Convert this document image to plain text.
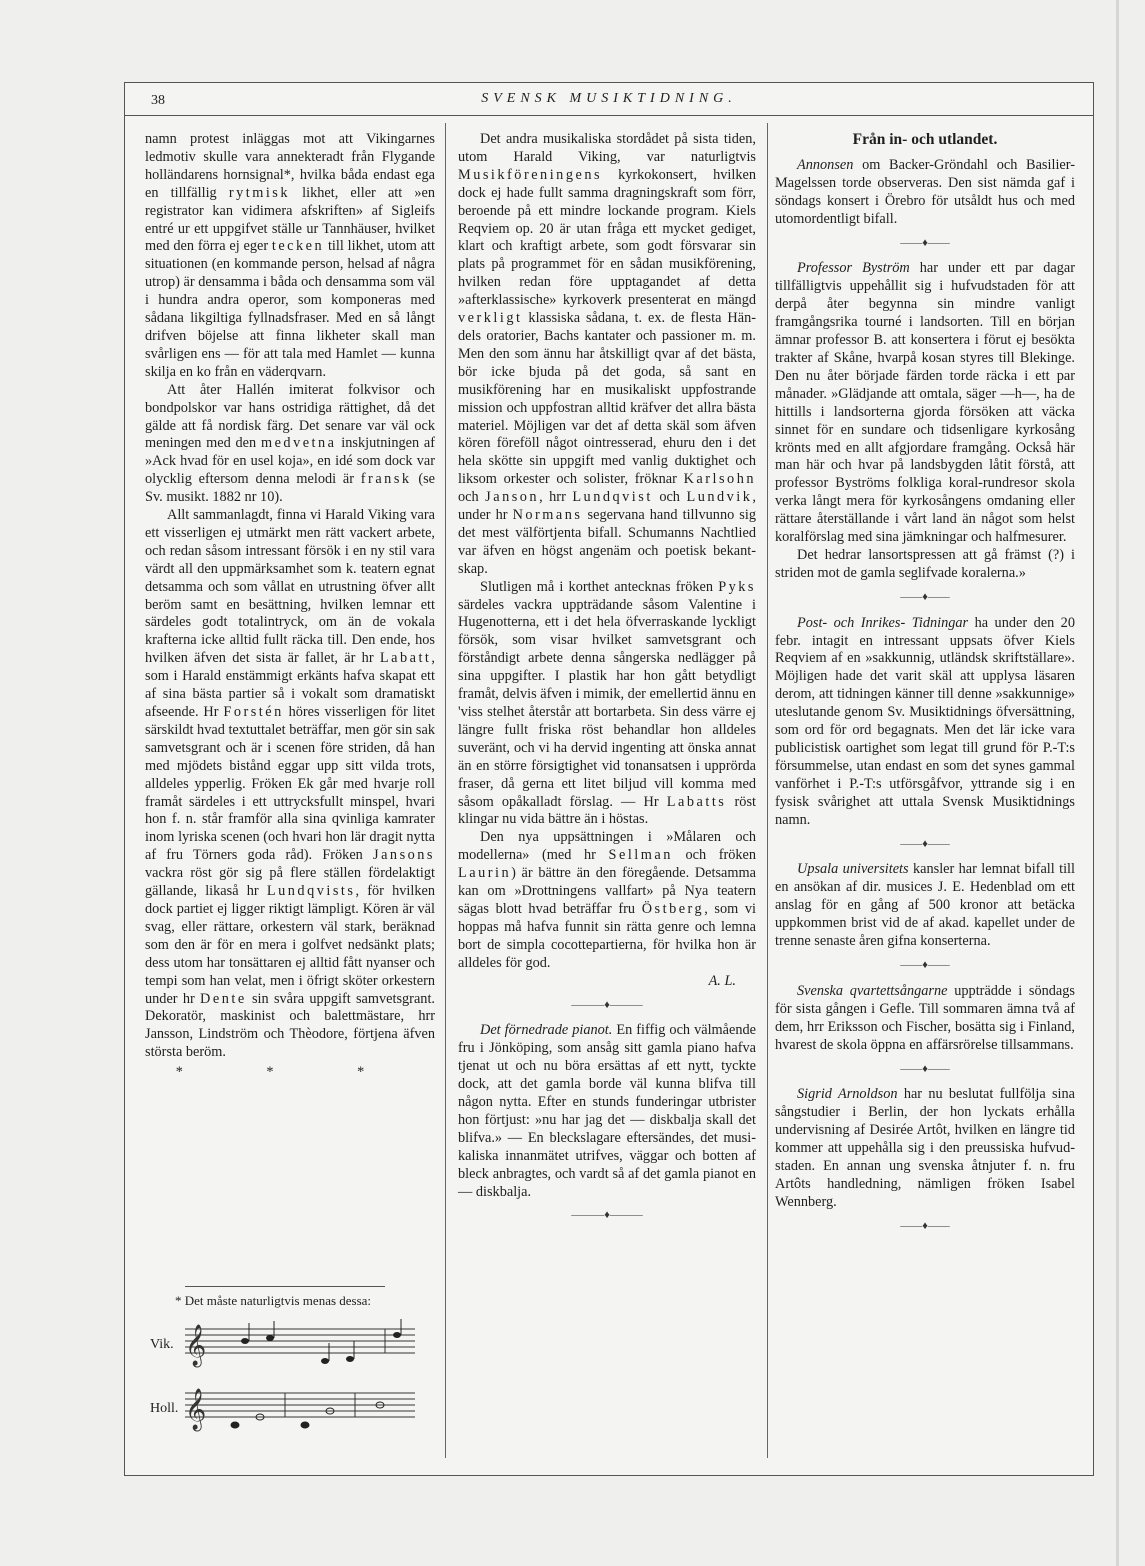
38	SVENSK MUSIKTIDNING.

namn protest inläggas mot att Vikingarnes ledmotiv skulle vara annekteradt från Flygande holländarens hornsignal*, hvilka båda endast ega en tillfällig rytmisk likhet, eller att »en registrator kan vidimera afskriften» af Sigleifs entré ur ett uppgifvet ställe ur Tannhäuser, hvilket med den förra ej eger tecken till likhet, utom att situationen (en kommande person, helsad af några utrop) är densamma i båda och densamma som väl i hundra andra operor, som komponeras med sådana likgiltiga fyllnadsfraser. Med en så långt drifven böjelse att finna likheter skall man svårligen ens — för att tala med Hamlet — kunna skilja en ko från en väderqvarn.

Att åter Hallén imiterat folkvisor och bondpolskor var hans ostridiga rättighet, då det gälde att få nordisk färg. Det senare var väl ock meningen med den medvetna inskjutningen af »Ack hvad för en usel koja», en idé som dock var olycklig eftersom denna melodi är fransk (se Sv. musikt. 1882 nr 10).

Allt sammanlagdt, finna vi Harald Viking vara ett visserligen ej utmärkt men rätt vackert arbete, och redan såsom intressant försök i en ny stil vara värdt all den uppmärksamhet som k. teatern egnat detsamma och som vållat en utrustning öfver allt beröm samt en besättning, hvilken lemnar ett särdeles godt totalintryck, om än de vokala krafterna icke alltid fullt räcka till. Den ende, hos hvilken äfven det sista är fallet, är hr Labatt, som i Harald enstämmigt erkänts hafva skapat ett af sina bästa partier så i vokalt som dramatiskt afseende. Hr Forstén höres visserligen för litet särskildt hvad textuttalet beträffar, men gör sin sak samvetsgrant och är i scenen före striden, då han med mjödets bistånd eggar upp sitt vilda trots, alldeles ypperlig. Fröken Ek går med hvarje roll framåt särdeles i ett uttrycksfullt minspel, hvari hon f. n. står framför alla sina qvinliga kamrater inom lyriska scenen (och hvari hon lär dragit nytta af fru Törners goda råd). Fröken Jansons vackra röst gör sig på flere ställen fördelaktigt gällande, likaså hr Lundqvists, för hvilken dock partiet ej ligger riktigt lämpligt. Kören är väl svag, eller rättare, orkestern väl stark, beräknad som den är för en mera i golfvet nedsänkt plats; dess utom har tonsättaren ej alltid fått nyanser och tempi som han velat, men i öfrigt sköter orkestern under hr Dente sin svåra uppgift samvetsgrant. Dekoratör, maskinist och balettmästare, hrr Jansson, Lindström och Thèodore, förtjena äfven största beröm.

* * *
* Det måste naturligtvis menas dessa:
Vik. 𝄞
Holl. 𝄞

Det andra musikaliska stordådet på sista tiden, utom Harald Viking, var naturligtvis Musikföreningens kyrkokonsert, hvilken dock ej hade fullt samma dragningskraft som förr, beroende på ett mindre lockande program. Kiels Reqviem op. 20 är utan fråga ett mycket gediget, klart och kraftigt arbete, som godt försvarar sin plats på programmet för en sådan musikförening, hvilken redan före upptagandet af detta »afterklassische» kyrkoverk presenterat en mängd verkligt klassiska sådana, t. ex. de flesta Händels oratorier, Bachs kantater och passioner m. m. Men den som ännu har åtskilligt qvar af det bästa, bör icke bjuda på det goda, så sant en musikförening har en musikaliskt uppfostrande mission och uppfostran alltid kräfver det allra bästa materiel. Möjligen var det af detta skäl som äfven kören föreföll något ointresserad, ehuru den i det hela skötte sin uppgift med vanlig duktighet och liksom orkester och solister, fröknar Karlsohn och Janson, hrr Lundqvist och Lundvik, under hr Normans segervana hand tillvunno sig det mest välförtjenta bifall. Schumanns Nachtlied var äfven en högst angenäm och poetisk bekantskap.

Slutligen må i korthet antecknas fröken Pyks särdeles vackra uppträdande såsom Valentine i Hugenotterna, ett i det hela öfverraskande lyckligt försök, som visar hvilket samvetsgrant och förståndigt arbete denna sångerska nedlägger på sina uppgifter. I plastik har hon gått betydligt framåt, delvis äfven i mimik, der emellertid ännu en 'viss stelhet återstår att bortarbeta. Sin dess värre ej längre fullt friska röst behandlar hon alldeles suveränt, och vi ha dervid ingenting att önska annat än en större försigtighet vid tonansatsen i upprörda fraser, då gerna ett litet biljud vill komma med såsom opåkalladt förslag. — Hr Labatts röst klingar nu vida bättre än i höstas.

Den nya uppsättningen i »Målaren och modellerna» (med hr Sellman och fröken Laurin) är bättre än den föregående. Detsamma kan om »Drottningens vallfart» på Nya teatern sägas blott hvad beträffar fru Östberg, som vi hoppas må hafva funnit sin rätta genre och lemna bort de simpla cocottepartierna, för hvilka hon är alldeles för god.

A. L.
———♦———

Det förnedrade pianot. En fiffig och välmående fru i Jönköping, som ansåg sitt gamla piano hafva tjenat ut och nu böra ersättas af ett nytt, tyckte dock, att det gamla borde väl kunna blifva till någon nytta. Efter en stunds funderingar utbrister hon förtjust: »nu har jag det — diskbalja skall det blifva.» — En bleckslagare eftersändes, det musikaliska innanmätet utrifves, väggar och botten af bleck anbragtes, och vardt så af det gamla pianot en — diskbalja.

———♦———
Från in- och utlandet.

Annonsen om Backer-Gröndahl och Basilier-Magelssen torde observeras. Den sist nämda gaf i söndags konsert i Örebro för utsåldt hus och med utomordentligt bifall.

——♦——

Professor Byström har under ett par dagar tillfälligtvis uppehållit sig i hufvudstaden för att derpå åter begynna sin mindre vanligt framgångsrika tourné i landsorten. Till en början ämnar professor B. att konsertera i förut ej besökta trakter af Skåne, hvarpå kosan styres till Blekinge. Den nu åter började färden torde räcka i ett par månader. »Glädjande att omtala, säger —h—, ha de hittills i landsorterna gjorda försöken att väcka sinnet för en sundare och tidsenligare kyrkosång krönts med en allt afgjordare framgång. Också här man här och hvar på landsbygden låtit förstå, att professor Byströms folkliga koral-rundresor skola verka långt mera för kyrkosångens omdaning eller rättare återställande i vårt land än något som helst koralförslag med sina jämkningar och halfmesurer.

Det hedrar lansortspressen att gå främst (?) i striden mot de gamla seglifvade koralerna.»

——♦——

Post- och Inrikes- Tidningar ha under den 20 febr. intagit en intressant uppsats öfver Kiels Reqviem af en »sakkunnig, utländsk skriftställare». Möjligen hade det varit skäl att upplysa läsaren derom, att tidningen känner till denne »sakkunnige» uteslutande genom Sv. Musiktidnings öfversättning, som ord för ord begagnats. Men det lär icke vara publicistisk oartighet som legat till grund för P.-T:s försummelse, utan endast en som det synes gammal vanförhet i P.-T:s utförsgåfvor, yttrande sig i en fysisk svårighet att uttala Svensk Musiktidnings namn.

——♦——

Upsala universitets kansler har lemnat bifall till en ansökan af dir. musices J. E. Hedenblad om ett anslag för en gång af 500 kronor att betäcka uppkommen brist vid de af akad. kapellet under de trenne senaste åren gifna konserterna.

——♦——

Svenska qvartettsångarne uppträdde i söndags för sista gången i Gefle. Till sommaren ämna två af dem, hrr Eriksson och Fischer, bosätta sig i Finland, hvarest de skola öppna en affärsrörelse tillsammans.

——♦——

Sigrid Arnoldson har nu beslutat fullfölja sina sångstudier i Berlin, der hon lyckats erhålla undervisning af Desirée Artôt, hvilken en längre tid kommer att uppehålla sig i den preussiska hufvudstaden. En annan ung svenska åtnjuter f. n. fru Artôts handledning, nämligen fröken Isabel Wennberg.

——♦——
